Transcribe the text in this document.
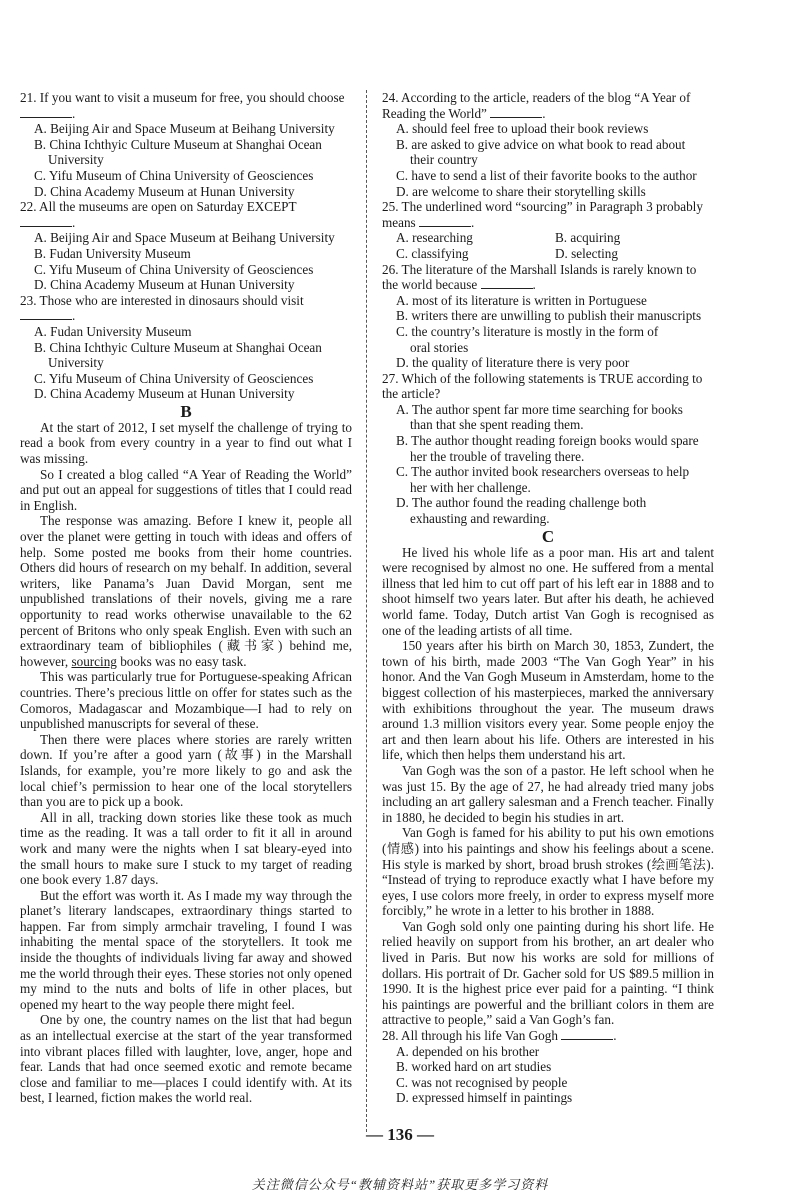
21. If you want to visit a museum for free, you should choose
.
A. Beijing Air and Space Museum at Beihang University
B. China Ichthyic Culture Museum at Shanghai Ocean
University
C. Yifu Museum of China University of Geosciences
D. China Academy Museum at Hunan University
22. All the museums are open on Saturday EXCEPT
.
A. Beijing Air and Space Museum at Beihang University
B. Fudan University Museum
C. Yifu Museum of China University of Geosciences
D. China Academy Museum at Hunan University
23. Those who are interested in dinosaurs should visit
.
A. Fudan University Museum
B. China Ichthyic Culture Museum at Shanghai Ocean
University
C. Yifu Museum of China University of Geosciences
D. China Academy Museum at Hunan University
B

At the start of 2012, I set myself the challenge of trying to read a book from every country in a year to find out what I was missing.

So I created a blog called “A Year of Reading the World” and put out an appeal for suggestions of titles that I could read in English.

The response was amazing. Before I knew it, people all over the planet were getting in touch with ideas and offers of help. Some posted me books from their home countries. Others did hours of research on my behalf. In addition, several writers, like Panama’s Juan David Morgan, sent me unpublished translations of their novels, giving me a rare opportunity to read works otherwise unavailable to the 62 percent of Britons who only speak English. Even with such an extraordinary team of bibliophiles (藏书家) behind me, however, sourcing books was no easy task.

This was particularly true for Portuguese-speaking African countries. There’s precious little on offer for states such as the Comoros, Madagascar and Mozambique—I had to rely on unpublished manuscripts for several of these.

Then there were places where stories are rarely written down. If you’re after a good yarn (故事) in the Marshall Islands, for example, you’re more likely to go and ask the local chief’s permission to hear one of the local storytellers than you are to pick up a book.

All in all, tracking down stories like these took as much time as the reading. It was a tall order to fit it all in around work and many were the nights when I sat bleary-eyed into the small hours to make sure I stuck to my target of reading one book every 1.87 days.

But the effort was worth it. As I made my way through the planet’s literary landscapes, extraordinary things started to happen. Far from simply armchair traveling, I found I was inhabiting the mental space of the storytellers. It took me inside the thoughts of individuals living far away and showed me the world through their eyes. These stories not only opened my mind to the nuts and bolts of life in other places, but opened my heart to the way people there might feel.

One by one, the country names on the list that had begun as an intellectual exercise at the start of the year transformed into vibrant places filled with laughter, love, anger, hope and fear. Lands that had once seemed exotic and remote became close and familiar to me—places I could identify with. At its best, I learned, fiction makes the world real.

24. According to the article, readers of the blog “A Year of Reading the World”	.
A. should feel free to upload their book reviews
B. are asked to give advice on what book to read about
their country
C. have to send a list of their favorite books to the author
D. are welcome to share their storytelling skills
25. The underlined word “sourcing” in Paragraph 3 probably means	.
A. researching	B. acquiring
C. classifying	D. selecting
26. The literature of the Marshall Islands is rarely known to the world because	.
A. most of its literature is written in Portuguese
B. writers there are unwilling to publish their manuscripts
C. the country’s literature is mostly in the form of
oral stories
D. the quality of literature there is very poor
27. Which of the following statements is TRUE according to the article?
A. The author spent far more time searching for books
than that she spent reading them.
B. The author thought reading foreign books would spare
her the trouble of traveling there.
C. The author invited book researchers overseas to help
her with her challenge.
D. The author found the reading challenge both
exhausting and rewarding.
C

He lived his whole life as a poor man. His art and talent were recognised by almost no one. He suffered from a mental illness that led him to cut off part of his left ear in 1888 and to shoot himself two years later. But after his death, he achieved world fame. Today, Dutch artist Van Gogh is recognised as one of the leading artists of all time.

150 years after his birth on March 30, 1853, Zundert, the town of his birth, made 2003 “The Van Gogh Year” in his honor. And the Van Gogh Museum in Amsterdam, home to the biggest collection of his masterpieces, marked the anniversary with exhibitions throughout the year. The museum draws around 1.3 million visitors every year. Some people enjoy the art and then learn about his life. Others are interested in his life, which then helps them understand his art.

Van Gogh was the son of a pastor. He left school when he was just 15. By the age of 27, he had already tried many jobs including an art gallery salesman and a French teacher. Finally in 1880, he decided to begin his studies in art.

Van Gogh is famed for his ability to put his own emotions (情感) into his paintings and show his feelings about a scene. His style is marked by short, broad brush strokes (绘画笔法). “Instead of trying to reproduce exactly what I have before my eyes, I use colors more freely, in order to express myself more forcibly,” he wrote in a letter to his brother in 1888.

Van Gogh sold only one painting during his short life. He relied heavily on support from his brother, an art dealer who lived in Paris. But now his works are sold for millions of dollars. His portrait of Dr. Gacher sold for US $89.5 million in 1990. It is the highest price ever paid for a painting. “I think his paintings are powerful and the brilliant colors in them are attractive to people,” said a Van Gogh’s fan.

28. All through his life Van Gogh	.
A. depended on his brother
B. worked hard on art studies
C. was not recognised by people
D. expressed himself in paintings
— 136 —
关注微信公众号“教辅资料站”获取更多学习资料
